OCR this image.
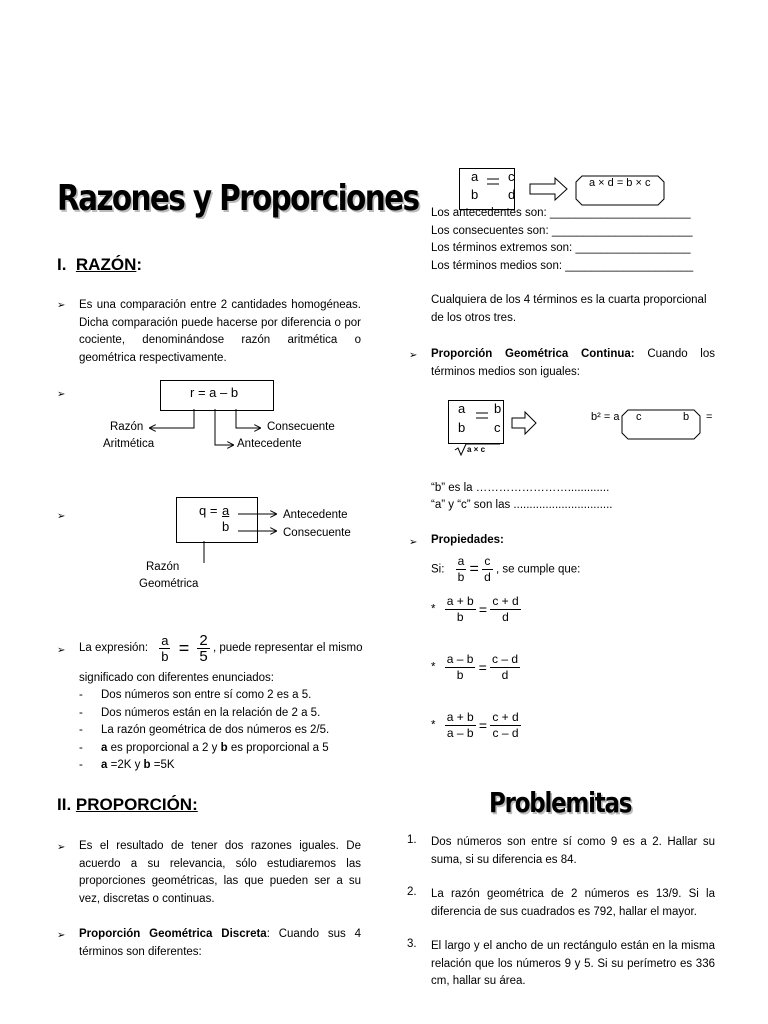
Razones y Proporciones
I. RAZÓN:
➢ Es una comparación entre 2 cantidades homogéneas. Dicha comparación puede hacerse por diferencia o por cociente, denominándose razón aritmética o geométrica respectivamente.
➢	r = a – b
Razón
Aritmética
Consecuente
Antecedente
➢	q = a
b
Antecedente
Consecuente
Razón
Geométrica
➢ La expresión: $\frac{a}{b} = \frac{2}{5}$ , puede representar el mismo
significado con diferentes enunciados:
- Dos números son entre sí como 2 es a 5.
- Dos números están en la relación de 2 a 5.
- La razón geométrica de dos números es 2/5.
- a es proporcional a 2 y b es proporcional a 5
- a =2K y b =5K
II. PROPORCIÓN:
➢ Es el resultado de tener dos razones iguales. De acuerdo a su relevancia, sólo estudiaremos las proporciones geométricas, las que pueden ser a su vez, discretas o continuas.
➢ Proporción Geométrica Discreta: Cuando sus 4 términos son diferentes:
a
b
c
d
a × d = b × c
Los antecedentes son: ______________________
Los consecuentes son: ______________________
Los términos extremos son: __________________
Los términos medios son: ____________________
Cualquiera de los 4 términos es la cuarta proporcional de los otros tres.
➢ Proporción Geométrica Continua: Cuando los términos medios son iguales:
a
b
b
c
a × c
b² = a c	b =
“b” es la …………………….............
“a” y “c” son las ...............................
➢ Propiedades:
Si: $\frac{a}{b} = \frac{c}{d}$ , se cumple que:
* $\frac{a + b}{b} = \frac{c + d}{d}$
* $\frac{a - b}{b} = \frac{c - d}{d}$
* $\frac{a + b}{a - b} = \frac{c + d}{c - d}$
Problemitas
1. Dos números son entre sí como 9 es a 2. Hallar su suma, si su diferencia es 84.
2. La razón geométrica de 2 números es 13/9. Si la diferencia de sus cuadrados es 792, hallar el mayor.
3. El largo y el ancho de un rectángulo están en la misma relación que los números 9 y 5. Si su perímetro es 336 cm, hallar su área.
